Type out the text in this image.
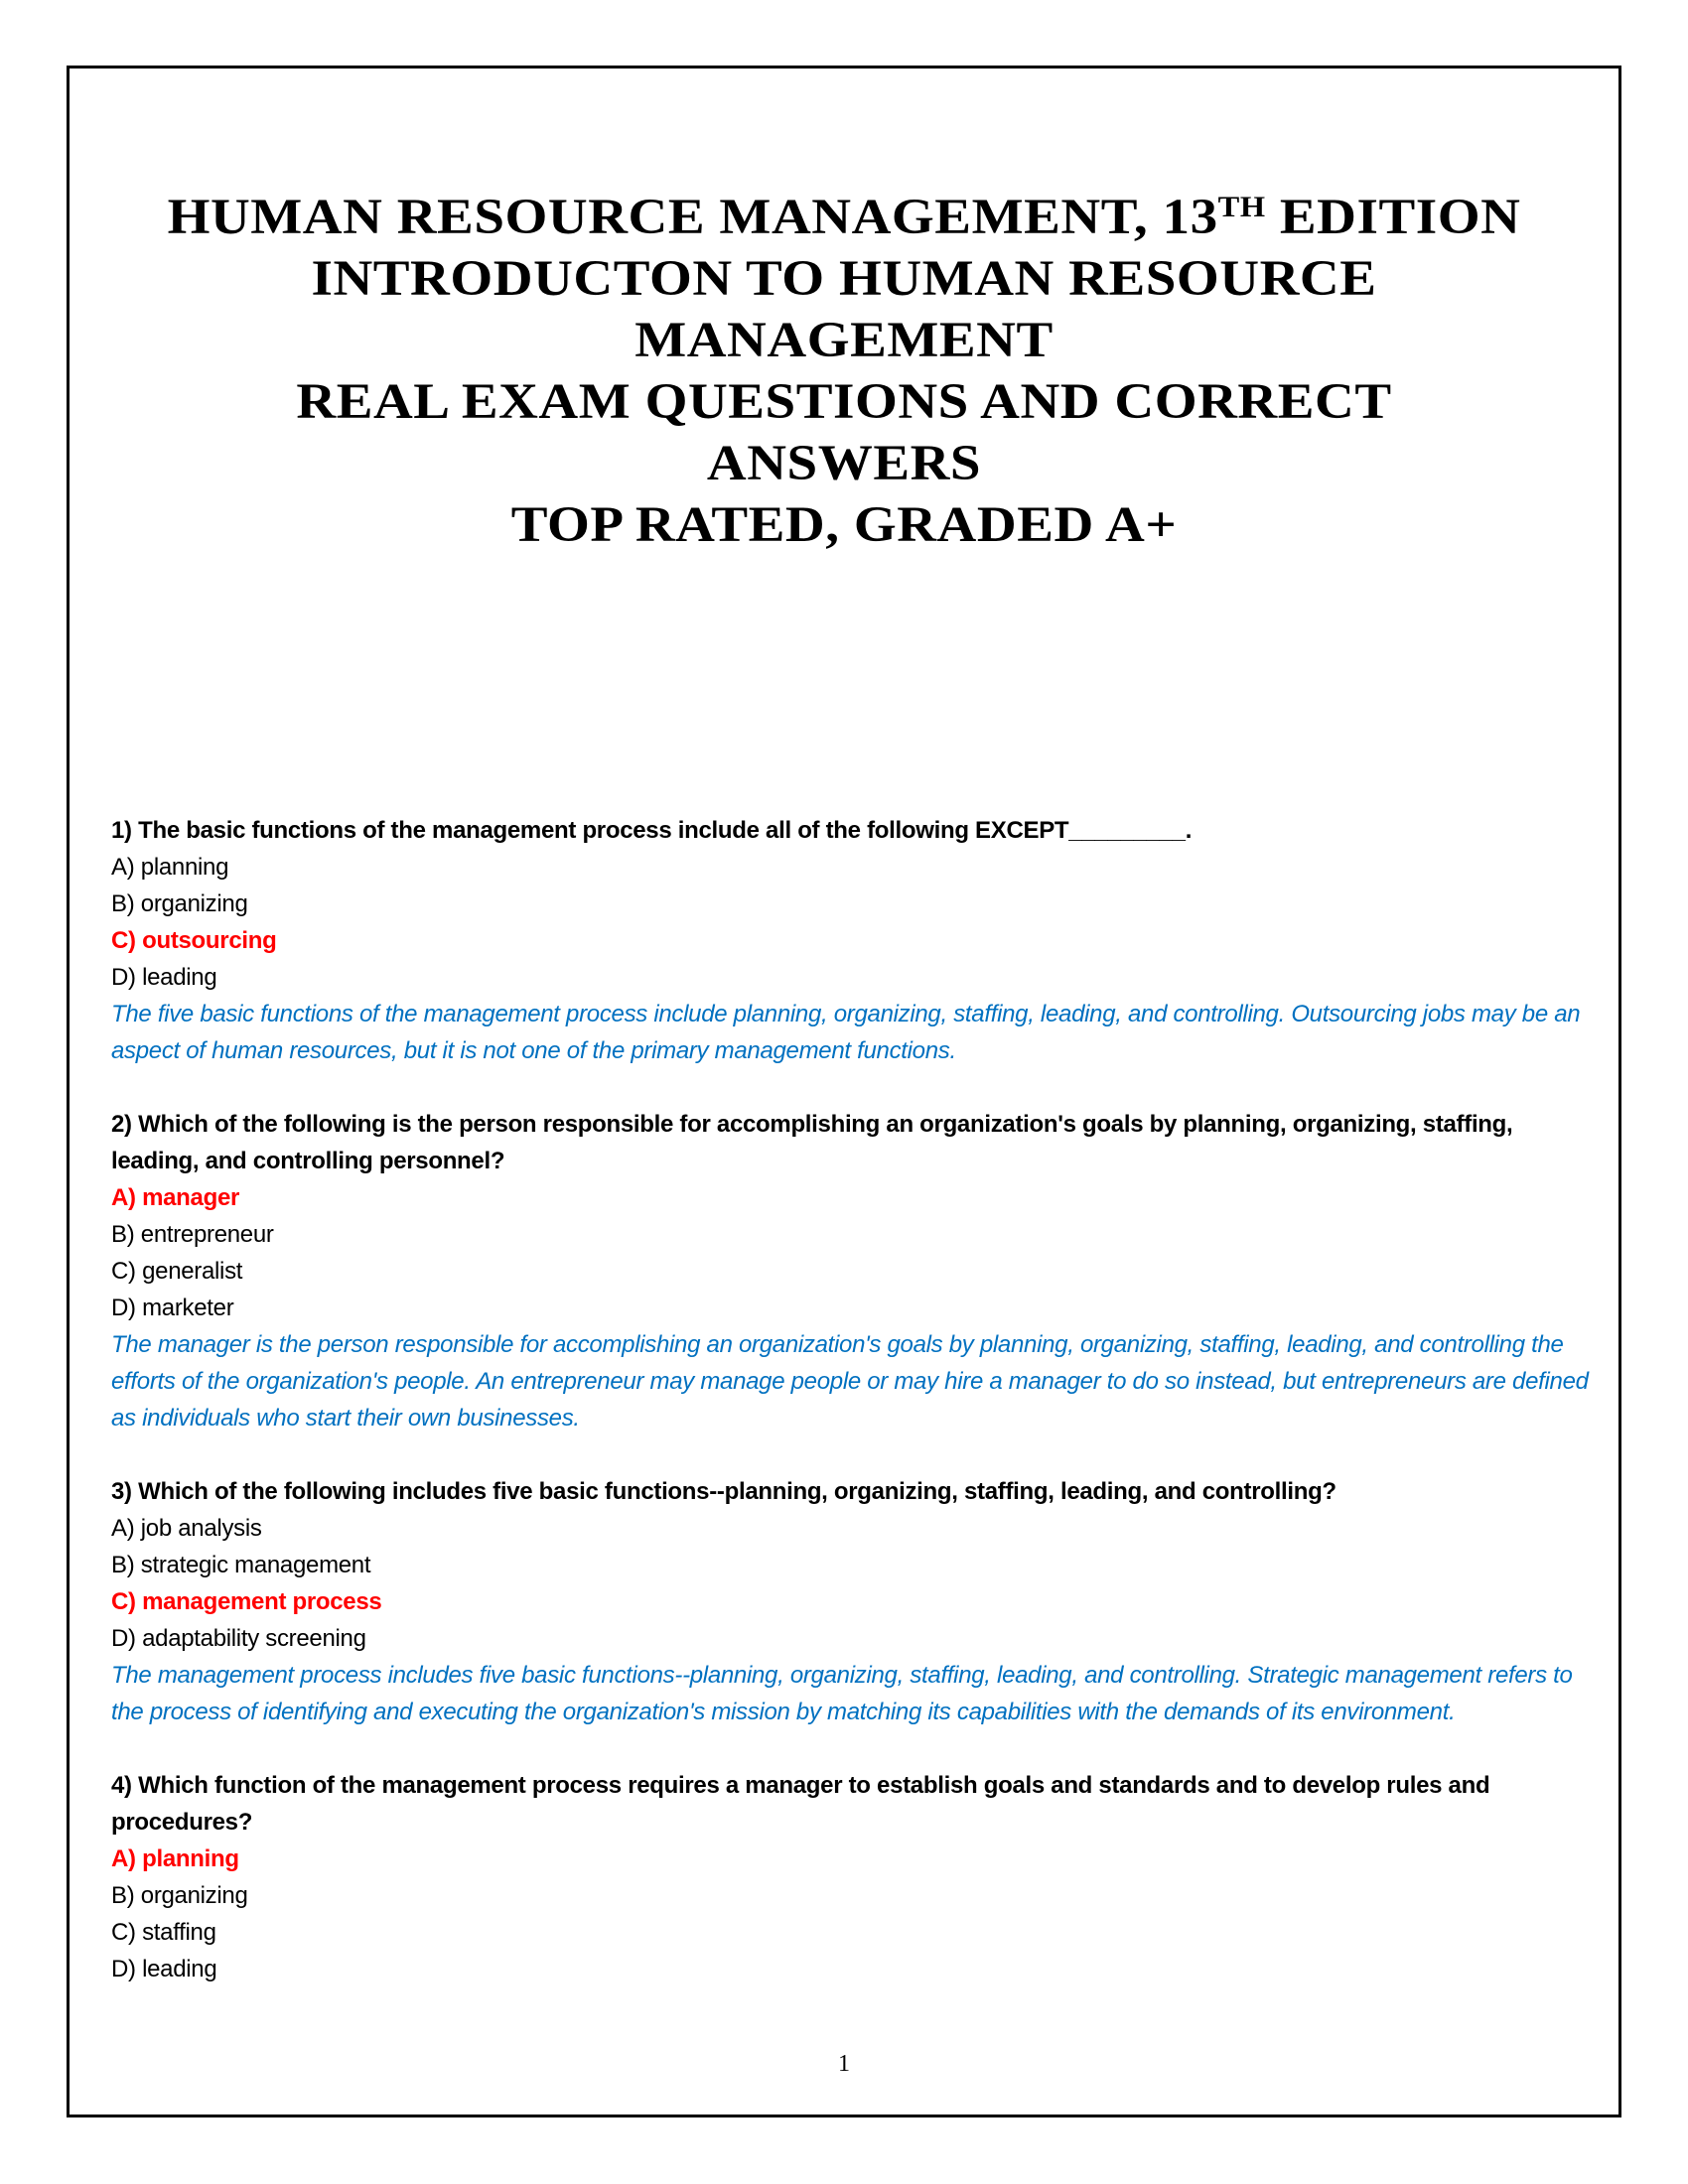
HUMAN RESOURCE MANAGEMENT, 13TH EDITION
INTRODUCTON TO HUMAN RESOURCE
MANAGEMENT
REAL EXAM QUESTIONS AND CORRECT
ANSWERS
TOP RATED, GRADED A+
1) The basic functions of the management process include all of the following EXCEPT_________.
A) planning
B) organizing
C) outsourcing
D) leading
The five basic functions of the management process include planning, organizing, staffing, leading, and controlling. Outsourcing jobs may be an aspect of human resources, but it is not one of the primary management functions.
2) Which of the following is the person responsible for accomplishing an organization's goals by planning, organizing, staffing, leading, and controlling personnel?
A) manager
B) entrepreneur
C) generalist
D) marketer
The manager is the person responsible for accomplishing an organization's goals by planning, organizing, staffing, leading, and controlling the efforts of the organization's people. An entrepreneur may manage people or may hire a manager to do so instead, but entrepreneurs are defined as individuals who start their own businesses.
3) Which of the following includes five basic functions--planning, organizing, staffing, leading, and controlling?
A) job analysis
B) strategic management
C) management process
D) adaptability screening
The management process includes five basic functions--planning, organizing, staffing, leading, and controlling. Strategic management refers to the process of identifying and executing the organization's mission by matching its capabilities with the demands of its environment.
4) Which function of the management process requires a manager to establish goals and standards and to develop rules and procedures?
A) planning
B) organizing
C) staffing
D) leading
1
